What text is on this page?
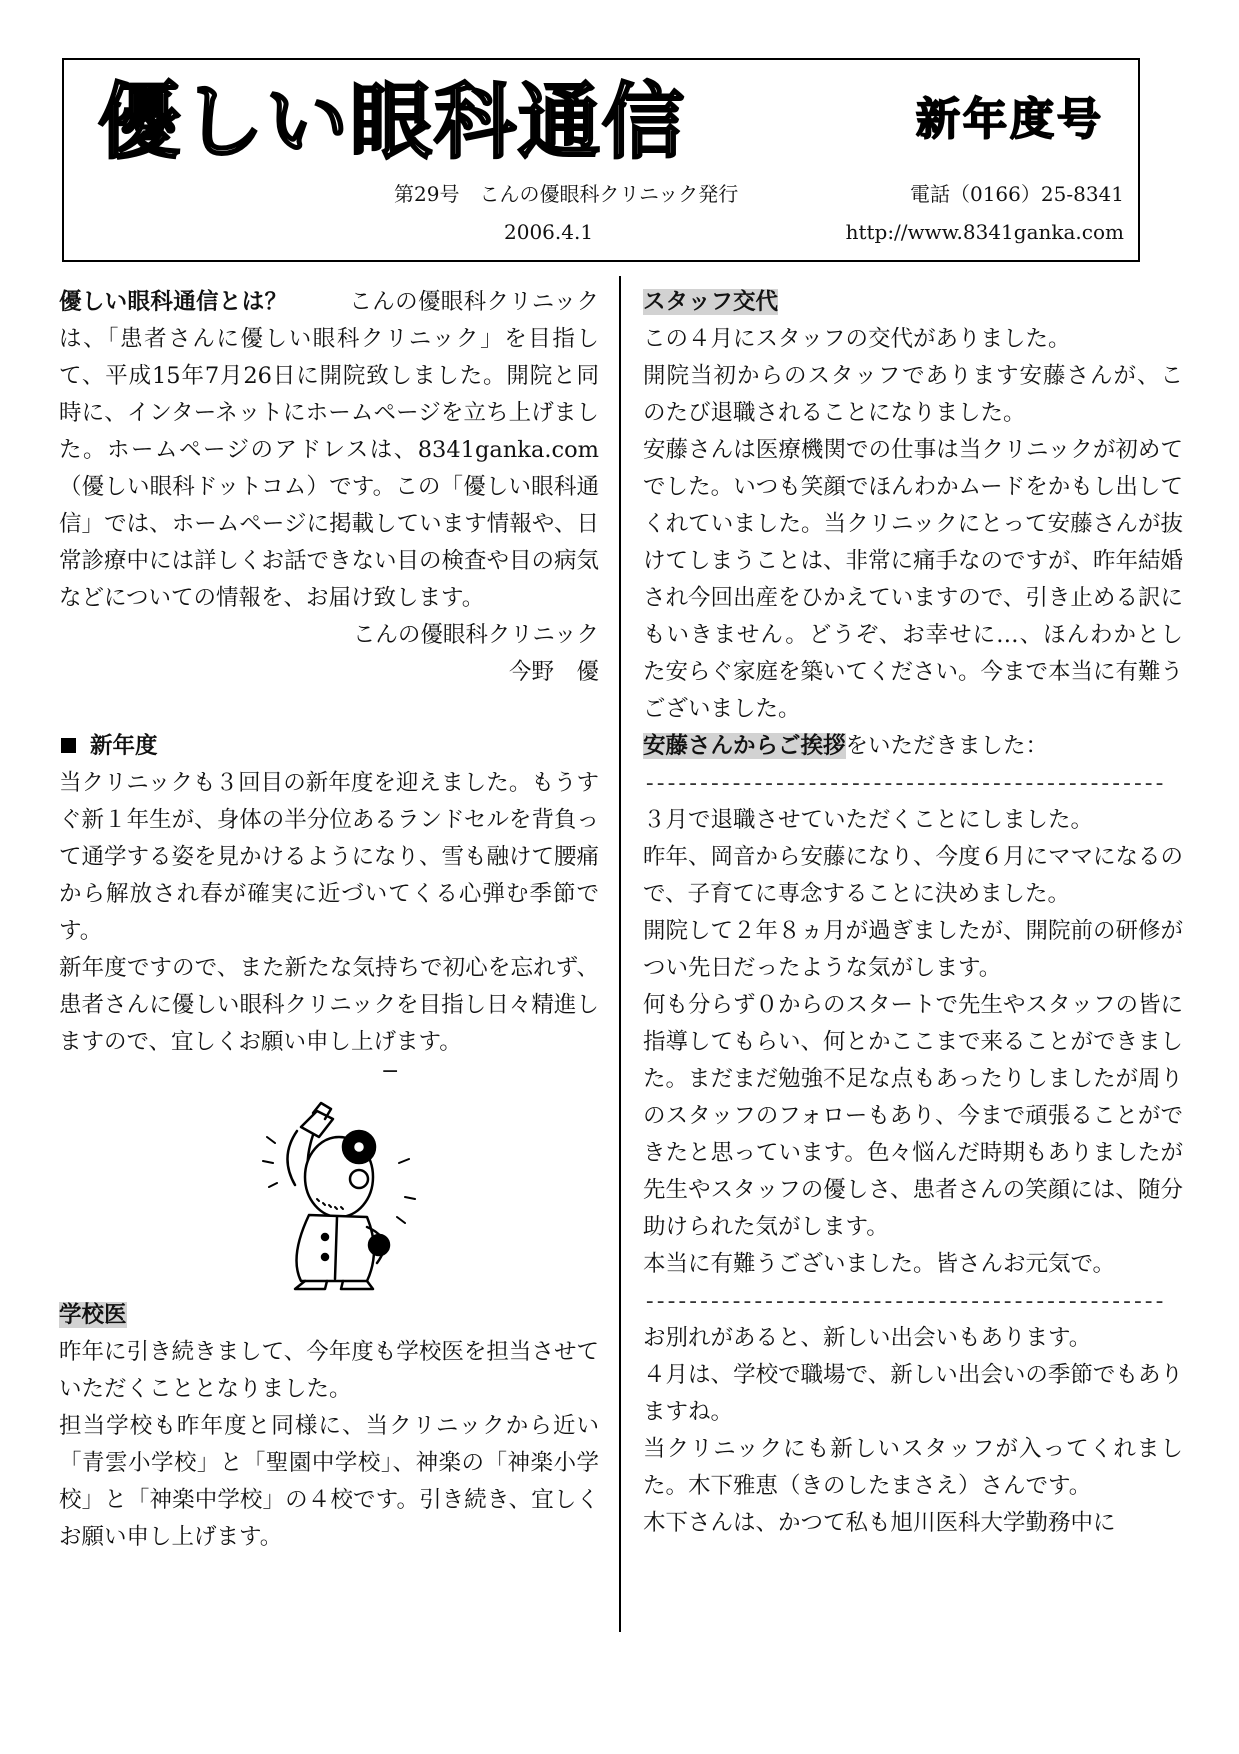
優しい眼科通信	新年度号
第29号　こんの優眼科クリニック発行	電話（0166）25-8341
2006.4.1	http://www.8341ganka.com

優しい眼科通信とは？	こんの優眼科クリニックは、「患者さんに優しい眼科クリニック」を目指して、平成15年7月26日に開院致しました。開院と同時に、インターネットにホームページを立ち上げました。ホームページのアドレスは、8341ganka.com（優しい眼科ドットコム）です。この「優しい眼科通信」では、ホームページに掲載しています情報や、日常診療中には詳しくお話できない目の検査や目の病気などについての情報を、お届け致します。

こんの優眼科クリニック
今野　優
新年度

当クリニックも３回目の新年度を迎えました。もうすぐ新１年生が、身体の半分位あるランドセルを背負って通学する姿を見かけるようになり、雪も融けて腰痛から解放され春が確実に近づいてくる心弾む季節です。

新年度ですので、また新たな気持ちで初心を忘れず、患者さんに優しい眼科クリニックを目指し日々精進しますので、宜しくお願い申し上げます。

−
学校医

昨年に引き続きまして、今年度も学校医を担当させていただくこととなりました。

担当学校も昨年度と同様に、当クリニックから近い「青雲小学校」と「聖園中学校」、神楽の「神楽小学校」と「神楽中学校」の４校です。引き続き、宜しくお願い申し上げます。

スタッフ交代

この４月にスタッフの交代がありました。

開院当初からのスタッフであります安藤さんが、このたび退職されることになりました。

安藤さんは医療機関での仕事は当クリニックが初めてでした。いつも笑顔でほんわかムードをかもし出してくれていました。当クリニックにとって安藤さんが抜けてしまうことは、非常に痛手なのですが、昨年結婚され今回出産をひかえていますので、引き止める訳にもいきません。どうぞ、お幸せに…、ほんわかとした安らぐ家庭を築いてください。今まで本当に有難うございました。

安藤さんからご挨拶をいただきました：
------------------------------------------------

３月で退職させていただくことにしました。

昨年、岡音から安藤になり、今度６月にママになるので、子育てに専念することに決めました。

開院して２年８ヵ月が過ぎましたが、開院前の研修がつい先日だったような気がします。

何も分らず０からのスタートで先生やスタッフの皆に指導してもらい、何とかここまで来ることができました。まだまだ勉強不足な点もあったりしましたが周りのスタッフのフォローもあり、今まで頑張ることができたと思っています。色々悩んだ時期もありましたが先生やスタッフの優しさ、患者さんの笑顔には、随分助けられた気がします。

本当に有難うございました。皆さんお元気で。

------------------------------------------------

お別れがあると、新しい出会いもあります。

４月は、学校で職場で、新しい出会いの季節でもありますね。

当クリニックにも新しいスタッフが入ってくれました。木下雅恵（きのしたまさえ）さんです。

木下さんは、かつて私も旭川医科大学勤務中に
